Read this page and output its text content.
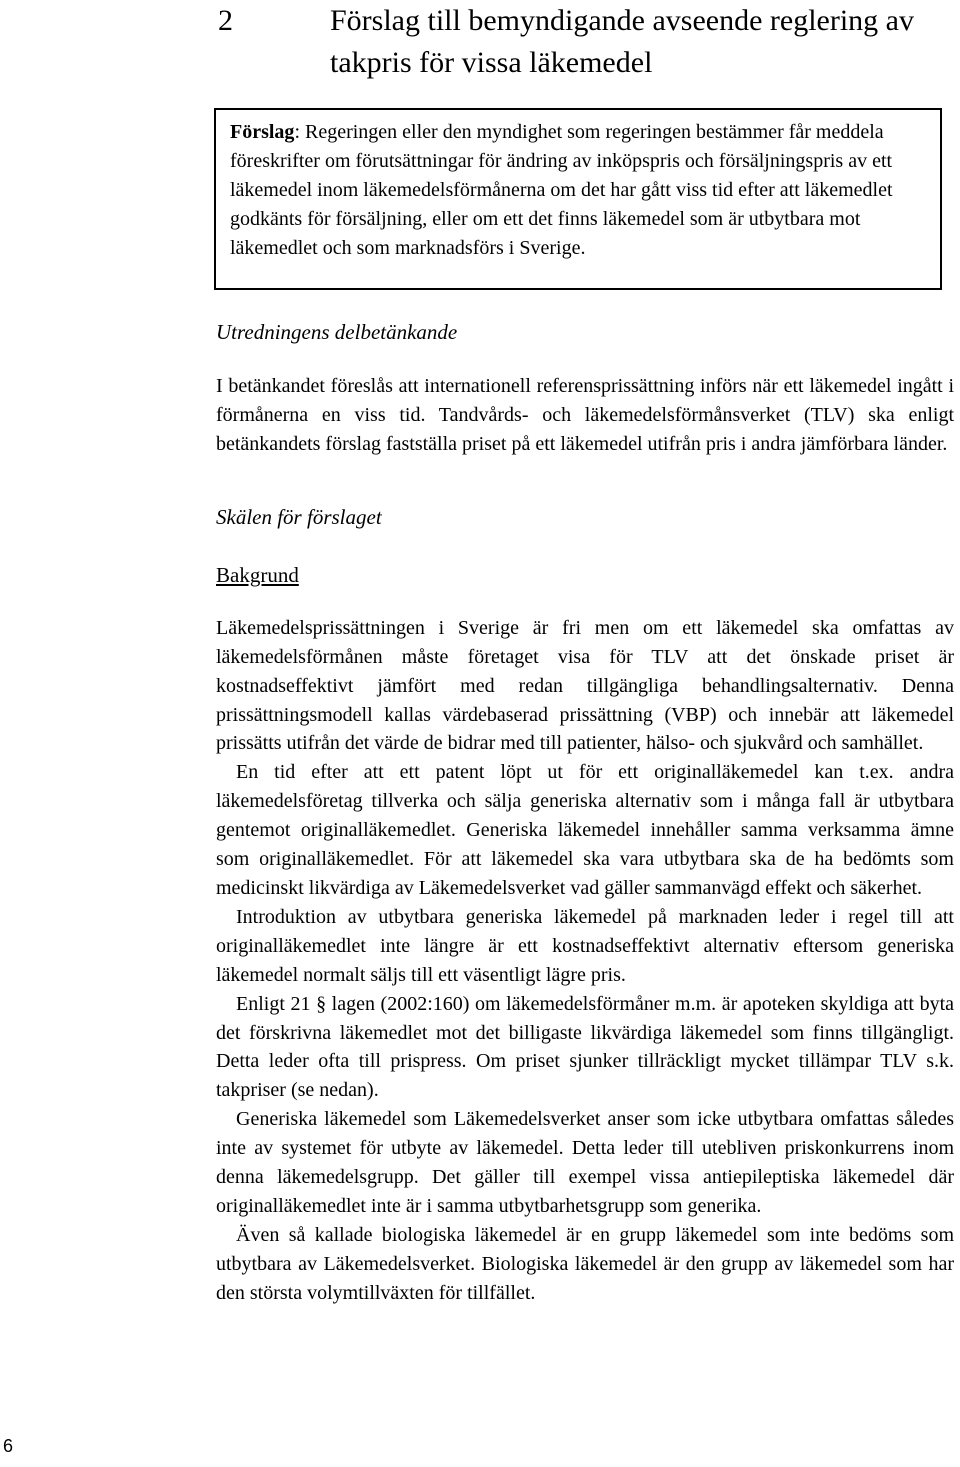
2	Förslag till bemyndigande avseende reglering av takpris för vissa läkemedel
Förslag: Regeringen eller den myndighet som regeringen bestämmer får meddela föreskrifter om förutsättningar för ändring av inköpspris och försäljningspris av ett läkemedel inom läkemedelsförmånerna om det har gått viss tid efter att läkemedlet godkänts för försäljning, eller om ett det finns läkemedel som är utbytbara mot läkemedlet och som marknadsförs i Sverige.
Utredningens delbetänkande

I betänkandet föreslås att internationell referensprissättning införs när ett läkemedel ingått i förmånerna en viss tid. Tandvårds- och läkemedelsförmånsverket (TLV) ska enligt betänkandets förslag fastställa priset på ett läkemedel utifrån pris i andra jämförbara länder.

Skälen för förslaget
Bakgrund

Läkemedelsprissättningen i Sverige är fri men om ett läkemedel ska omfattas av läkemedelsförmånen måste företaget visa för TLV att det önskade priset är kostnadseffektivt jämfört med redan tillgängliga behandlingsalternativ. Denna prissättningsmodell kallas värdebaserad prissättning (VBP) och innebär att läkemedel prissätts utifrån det värde de bidrar med till patienter, hälso- och sjukvård och samhället.

En tid efter att ett patent löpt ut för ett originalläkemedel kan t.ex. andra läkemedelsföretag tillverka och sälja generiska alternativ som i många fall är utbytbara gentemot originalläkemedlet. Generiska läkemedel innehåller samma verksamma ämne som originalläkemedlet. För att läkemedel ska vara utbytbara ska de ha bedömts som medicinskt likvärdiga av Läkemedelsverket vad gäller sammanvägd effekt och säkerhet.

Introduktion av utbytbara generiska läkemedel på marknaden leder i regel till att originalläkemedlet inte längre är ett kostnadseffektivt alternativ eftersom generiska läkemedel normalt säljs till ett väsentligt lägre pris.

Enligt 21 § lagen (2002:160) om läkemedelsförmåner m.m. är apoteken skyldiga att byta det förskrivna läkemedlet mot det billigaste likvärdiga läkemedel som finns tillgängligt. Detta leder ofta till prispress. Om priset sjunker tillräckligt mycket tillämpar TLV s.k. takpriser (se nedan).

Generiska läkemedel som Läkemedelsverket anser som icke utbytbara omfattas således inte av systemet för utbyte av läkemedel. Detta leder till utebliven priskonkurrens inom denna läkemedelsgrupp. Det gäller till exempel vissa antiepileptiska läkemedel där originalläkemedlet inte är i samma utbytbarhetsgrupp som generika.

Även så kallade biologiska läkemedel är en grupp läkemedel som inte bedöms som utbytbara av Läkemedelsverket. Biologiska läkemedel är den grupp av läkemedel som har den största volymtillväxten för tillfället.

6
